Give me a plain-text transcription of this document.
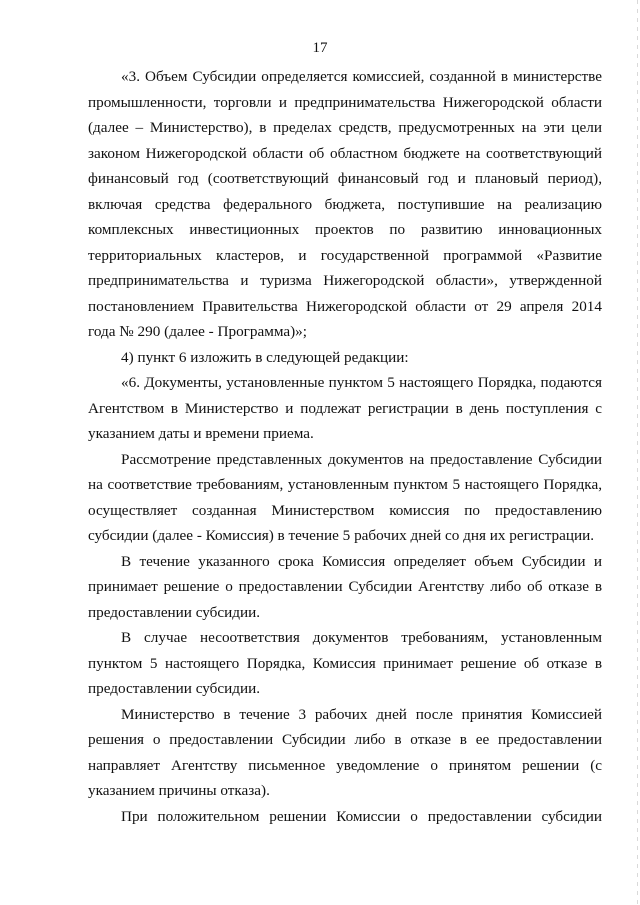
17

«3. Объем Субсидии определяется комиссией, созданной в министерстве промышленности, торговли и предпринимательства Нижегородской области (далее – Министерство), в пределах средств, предусмотренных на эти цели законом Нижегородской области об областном бюджете на соответствующий финансовый год (соответствующий финансовый год и плановый период), включая средства федерального бюджета, поступившие на реализацию комплексных инвестиционных проектов по развитию инновационных территориальных кластеров, и государственной программой «Развитие предпринимательства и туризма Нижегородской области», утвержденной постановлением Правительства Нижегородской области от 29 апреля 2014 года № 290 (далее - Программа)»;

4) пункт 6 изложить в следующей редакции:

«6. Документы, установленные пунктом 5 настоящего Порядка, подаются Агентством в Министерство и подлежат регистрации в день поступления с указанием даты и времени приема.

Рассмотрение представленных документов на предоставление Субсидии на соответствие требованиям, установленным пунктом 5 настоящего Порядка, осуществляет созданная Министерством комиссия по предоставлению субсидии (далее - Комиссия) в течение 5 рабочих дней со дня их регистрации.

В течение указанного срока Комиссия определяет объем Субсидии и принимает решение о предоставлении Субсидии Агентству либо об отказе в предоставлении субсидии.

В случае несоответствия документов требованиям, установленным пунктом 5 настоящего Порядка, Комиссия принимает решение об отказе в предоставлении субсидии.

Министерство в течение 3 рабочих дней после принятия Комиссией решения о предоставлении Субсидии либо в отказе в ее предоставлении направляет Агентству письменное уведомление о принятом решении (с указанием причины отказа).

При положительном решении Комиссии о предоставлении субсидии
